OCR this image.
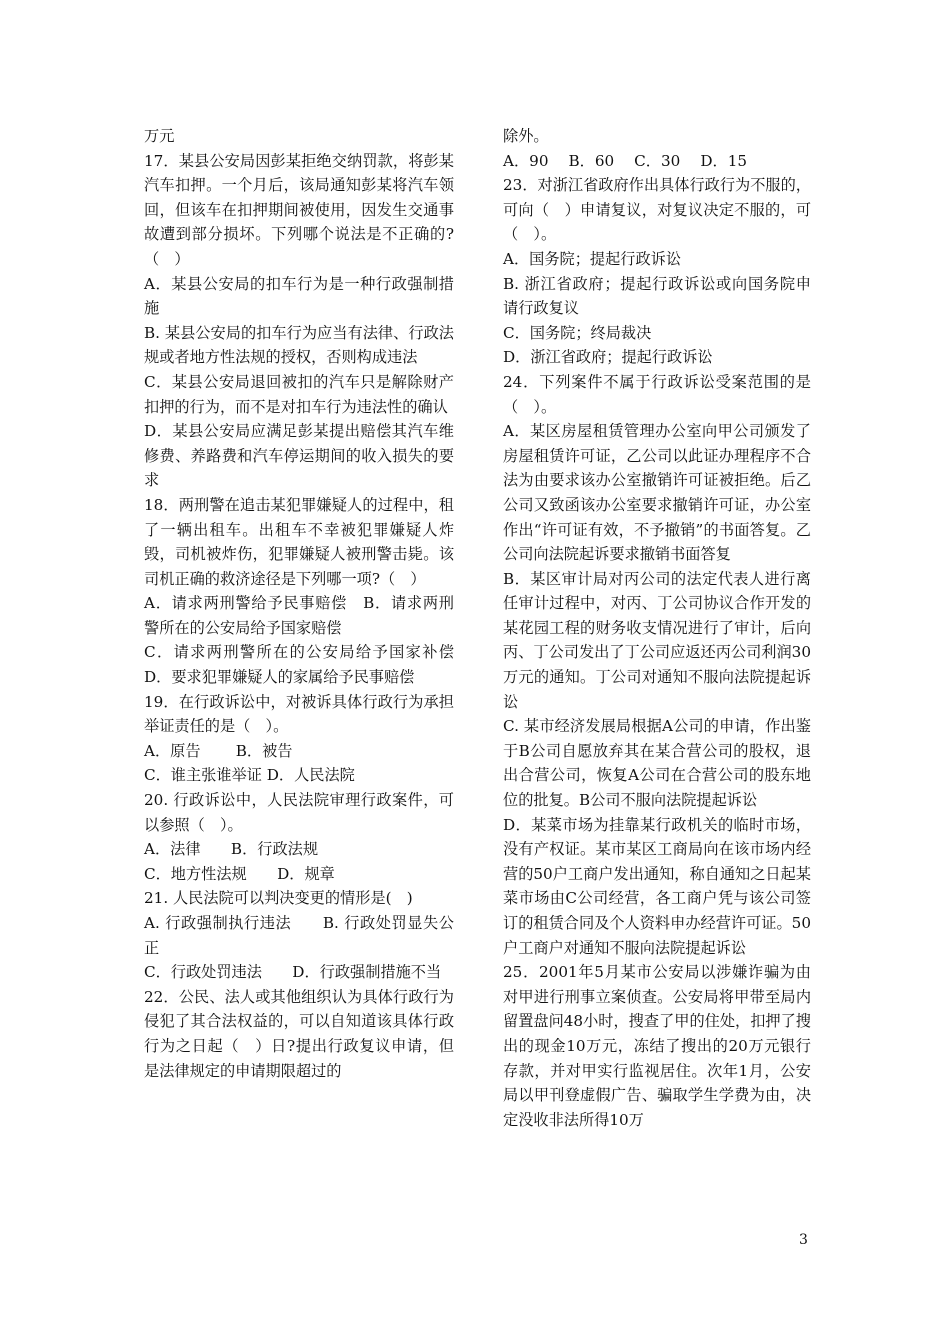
万元

17．某县公安局因彭某拒绝交纳罚款，将彭某汽车扣押。一个月后，该局通知彭某将汽车领回，但该车在扣押期间被使用，因发生交通事故遭到部分损坏。下列哪个说法是不正确的?（　）

A．某县公安局的扣车行为是一种行政强制措施

B. 某县公安局的扣车行为应当有法律、行政法规或者地方性法规的授权，否则构成违法

C．某县公安局退回被扣的汽车只是解除财产扣押的行为，而不是对扣车行为违法性的确认

D．某县公安局应满足彭某提出赔偿其汽车维修费、养路费和汽车停运期间的收入损失的要求

18．两刑警在追击某犯罪嫌疑人的过程中，租了一辆出租车。出租车不幸被犯罪嫌疑人炸毁，司机被炸伤，犯罪嫌疑人被刑警击毙。该司机正确的救济途径是下列哪一项?（　）

A．请求两刑警给予民事赔偿　B．请求两刑警所在的公安局给予国家赔偿

C．请求两刑警所在的公安局给予国家补偿 D．要求犯罪嫌疑人的家属给予民事赔偿

19．在行政诉讼中，对被诉具体行政行为承担举证责任的是（　）。

A．原告　　 B．被告

C．谁主张谁举证 D．人民法院

20. 行政诉讼中，人民法院审理行政案件，可以参照（　）。

A．法律　　B．行政法规

C．地方性法规　　D．规章

21. 人民法院可以判决变更的情形是(　)

A. 行政强制执行违法　　B. 行政处罚显失公正

C．行政处罚违法　　D．行政强制措施不当

22．公民、法人或其他组织认为具体行政行为侵犯了其合法权益的，可以自知道该具体行政行为之日起（　）日?提出行政复议申请，但是法律规定的申请期限超过的

除外。

A．90　 B．60　 C．30　 D．15

23．对浙江省政府作出具体行政行为不服的，可向（　）申请复议，对复议决定不服的，可（　）。

A．国务院；提起行政诉讼

B. 浙江省政府；提起行政诉讼或向国务院申请行政复议

C．国务院；终局裁决

D．浙江省政府；提起行政诉讼

24．下列案件不属于行政诉讼受案范围的是（　）。

A．某区房屋租赁管理办公室向甲公司颁发了房屋租赁许可证，乙公司以此证办理程序不合法为由要求该办公室撤销许可证被拒绝。后乙公司又致函该办公室要求撤销许可证，办公室作出“许可证有效，不予撤销”的书面答复。乙公司向法院起诉要求撤销书面答复

B．某区审计局对丙公司的法定代表人进行离任审计过程中，对丙、丁公司协议合作开发的某花园工程的财务收支情况进行了审计，后向丙、丁公司发出了丁公司应返还丙公司利润30万元的通知。丁公司对通知不服向法院提起诉讼

C. 某市经济发展局根据A公司的申请，作出鉴于B公司自愿放弃其在某合营公司的股权，退出合营公司，恢复A公司在合营公司的股东地位的批复。B公司不服向法院提起诉讼

D．某菜市场为挂靠某行政机关的临时市场，没有产权证。某市某区工商局向在该市场内经营的50户工商户发出通知，称自通知之日起某菜市场由C公司经营，各工商户凭与该公司签订的租赁合同及个人资料申办经营许可证。50户工商户对通知不服向法院提起诉讼

25．2001年5月某市公安局以涉嫌诈骗为由对甲进行刑事立案侦查。公安局将甲带至局内留置盘问48小时，搜查了甲的住处，扣押了搜出的现金10万元，冻结了搜出的20万元银行存款，并对甲实行监视居住。次年1月，公安局以甲刊登虚假广告、骗取学生学费为由，决定没收非法所得10万

3
